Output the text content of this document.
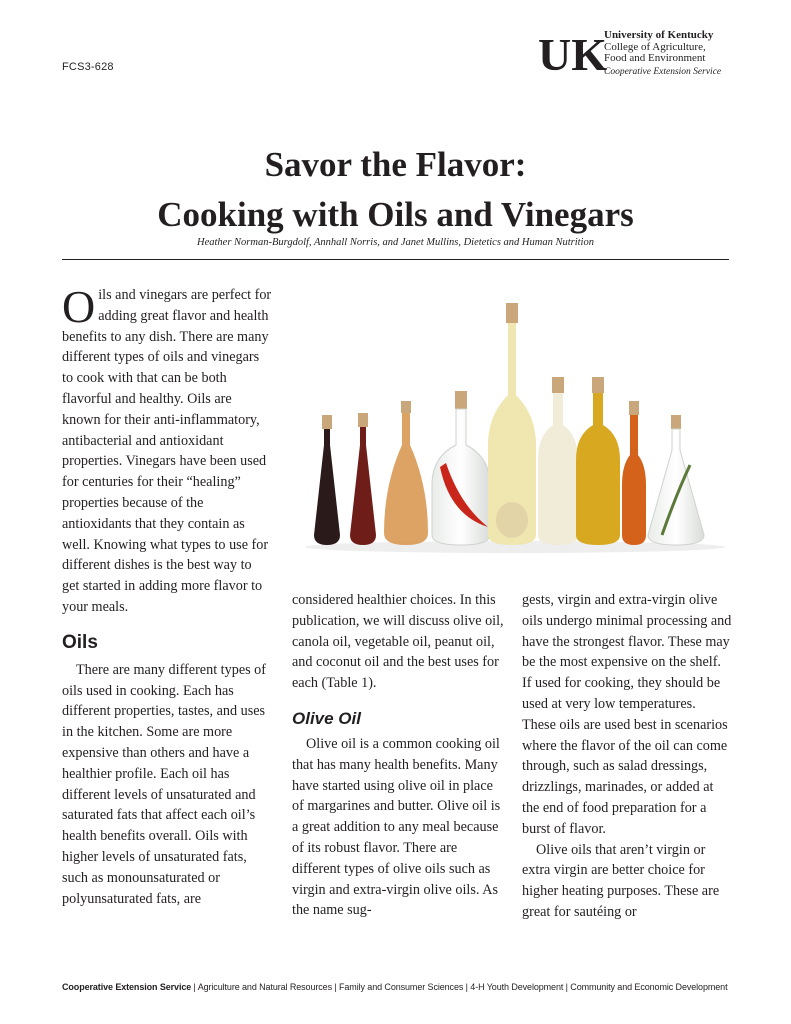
FCS3-628	UK
University of Kentucky
College of Agriculture,
Food and Environment
Cooperative Extension Service
Savor the Flavor:
Cooking with Oils and Vinegars
Heather Norman-Burgdolf, Annhall Norris, and Janet Mullins, Dietetics and Human Nutrition

Oils and vinegars are perfect for adding great flavor and health benefits to any dish. There are many different types of oils and vinegars to cook with that can be both flavorful and healthy. Oils are known for their anti-inflammatory, antibacterial and antioxidant properties. Vinegars have been used for centuries for their “healing” properties because of the antioxidants that they contain as well. Knowing what types to use for different dishes is the best way to get started in adding more flavor to your meals.

Oils

There are many different types of oils used in cooking. Each has different properties, tastes, and uses in the kitchen. Some are more expensive than others and have a healthier profile. Each oil has different levels of unsaturated and saturated fats that affect each oil’s health benefits overall. Oils with higher levels of unsaturated fats, such as monounsaturated or polyunsaturated fats, are

considered healthier choices. In this publication, we will discuss olive oil, canola oil, vegetable oil, peanut oil, and coconut oil and the best uses for each (Table 1).

Olive Oil

Olive oil is a common cooking oil that has many health benefits. Many have started using olive oil in place of margarines and butter. Olive oil is a great addition to any meal because of its robust flavor. There are different types of olive oils such as virgin and extra-virgin olive oils. As the name sug-

gests, virgin and extra-virgin olive oils undergo minimal processing and have the strongest flavor. These may be the most expensive on the shelf. If used for cooking, they should be used at very low temperatures. These oils are used best in scenarios where the flavor of the oil can come through, such as salad dressings, drizzlings, marinades, or added at the end of food preparation for a burst of flavor.

Olive oils that aren’t virgin or extra virgin are better choice for higher heating purposes. These are great for sautéing or

Cooperative Extension Service | Agriculture and Natural Resources | Family and Consumer Sciences | 4-H Youth Development | Community and Economic Development
